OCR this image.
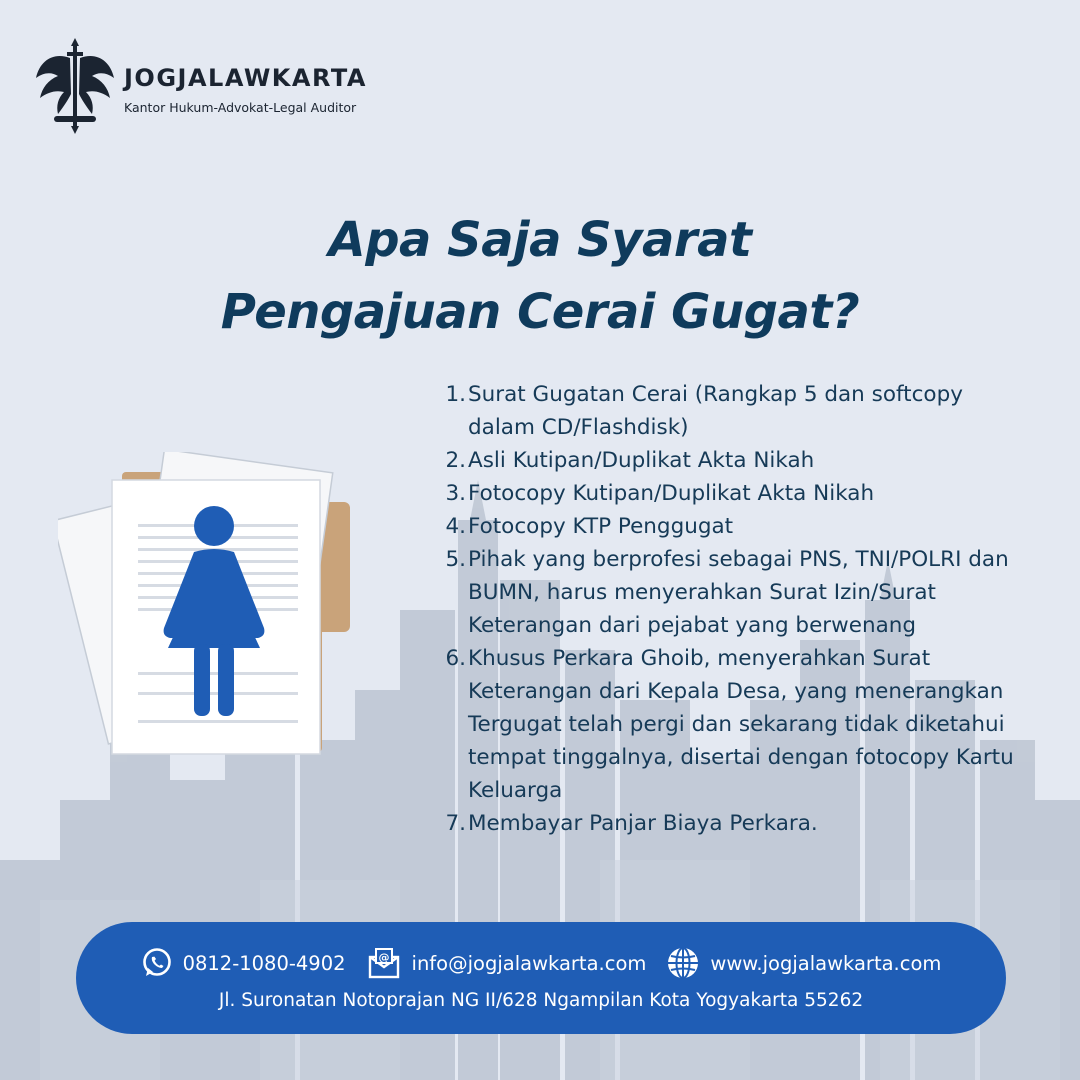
JOGJALAWKARTA
Kantor Hukum-Advokat-Legal Auditor
Apa Saja Syarat
Pengajuan Cerai Gugat?
1. Surat Gugatan Cerai (Rangkap 5 dan softcopy dalam CD/Flashdisk)
2. Asli Kutipan/Duplikat Akta Nikah
3. Fotocopy Kutipan/Duplikat Akta Nikah
4. Fotocopy KTP Penggugat
5. Pihak yang berprofesi sebagai PNS, TNI/POLRI dan BUMN, harus menyerahkan Surat Izin/Surat Keterangan dari pejabat yang berwenang
6. Khusus Perkara Ghoib, menyerahkan Surat Keterangan dari Kepala Desa, yang menerangkan Tergugat telah pergi dan sekarang tidak diketahui tempat tinggalnya, disertai dengan fotocopy Kartu Keluarga
7. Membayar Panjar Biaya Perkara.
0812-1080-4902	@ info@jogjalawkarta.com	www.jogjalawkarta.com
Jl. Suronatan Notoprajan NG II/628 Ngampilan Kota Yogyakarta 55262
